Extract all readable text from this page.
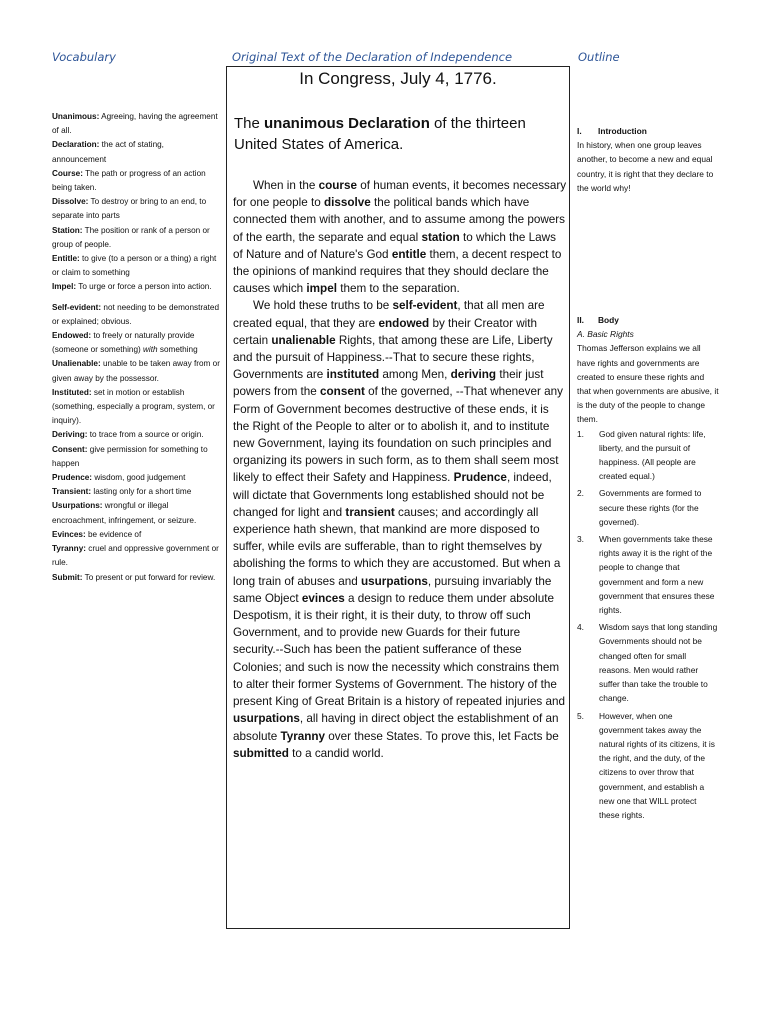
Vocabulary	Original Text of the Declaration of Independence	Outline

Unanimous: Agreeing, having the agreement of all.

Declaration: the act of stating, announcement

Course: The path or progress of an action being taken.

Dissolve: To destroy or bring to an end, to separate into parts

Station: The position or rank of a person or group of people.

Entitle: to give (to a person or a thing) a right or claim to something

Impel: To urge or force a person into action.

Self-evident: not needing to be demonstrated or explained; obvious.

Endowed: to freely or naturally provide (someone or something) with something

Unalienable: unable to be taken away from or given away by the possessor.

Instituted: set in motion or establish (something, especially a program, system, or inquiry).

Deriving: to trace from a source or origin.

Consent: give permission for something to happen

Prudence: wisdom, good judgement

Transient: lasting only for a short time

Usurpations: wrongful or illegal encroachment, infringement, or seizure.

Evinces: be evidence of

Tyranny: cruel and oppressive government or rule.

Submit: To present or put forward for review.

In Congress, July 4, 1776.
The unanimous Declaration of the thirteen United States of America.

When in the course of human events, it becomes necessary for one people to dissolve the political bands which have connected them with another, and to assume among the powers of the earth, the separate and equal station to which the Laws of Nature and of Nature's God entitle them, a decent respect to the opinions of mankind requires that they should declare the causes which impel them to the separation.

We hold these truths to be self-evident, that all men are created equal, that they are endowed by their Creator with certain unalienable Rights, that among these are Life, Liberty and the pursuit of Happiness.--That to secure these rights, Governments are instituted among Men, deriving their just powers from the consent of the governed, --That whenever any Form of Government becomes destructive of these ends, it is the Right of the People to alter or to abolish it, and to institute new Government, laying its foundation on such principles and organizing its powers in such form, as to them shall seem most likely to effect their Safety and Happiness. Prudence, indeed, will dictate that Governments long established should not be changed for light and transient causes; and accordingly all experience hath shewn, that mankind are more disposed to suffer, while evils are sufferable, than to right themselves by abolishing the forms to which they are accustomed. But when a long train of abuses and usurpations, pursuing invariably the same Object evinces a design to reduce them under absolute Despotism, it is their right, it is their duty, to throw off such Government, and to provide new Guards for their future security.--Such has been the patient sufferance of these Colonies; and such is now the necessity which constrains them to alter their former Systems of Government. The history of the present King of Great Britain is a history of repeated injuries and usurpations, all having in direct object the establishment of an absolute Tyranny over these States. To prove this, let Facts be submitted to a candid world.

I. Introduction

In history, when one group leaves another, to become a new and equal country, it is right that they declare to the world why!

II. Body

A. Basic Rights

Thomas Jefferson explains we all have rights and governments are created to ensure these rights and that when governments are abusive, it is the duty of the people to change them.

1. God given natural rights: life, liberty, and the pursuit of happiness. (All people are created equal.)
2. Governments are formed to secure these rights (for the governed).
3. When governments take these rights away it is the right of the people to change that government and form a new government that ensures these rights.
4. Wisdom says that long standing Governments should not be changed often for small reasons. Men would rather suffer than take the trouble to change.
5. However, when one government takes away the natural rights of its citizens, it is the right, and the duty, of the citizens to over throw that government, and establish a new one that WILL protect these rights.
